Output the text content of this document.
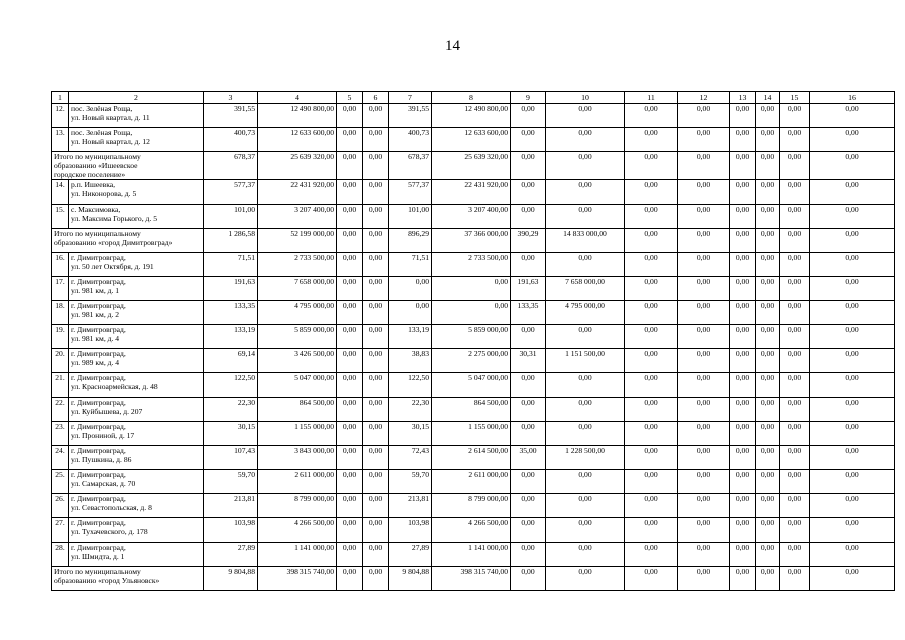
14
1	2	3	4	5	6	7	8	9	10	11	12	13	14	15	16
12.	пос. Зелёная Роща,
ул. Новый квартал, д. 11	391,55	12 490 800,00	0,00	0,00	391,55	12 490 800,00	0,00	0,00	0,00	0,00	0,00	0,00	0,00	0,00
13.	пос. Зелёная Роща,
ул. Новый квартал, д. 12	400,73	12 633 600,00	0,00	0,00	400,73	12 633 600,00	0,00	0,00	0,00	0,00	0,00	0,00	0,00	0,00

Итого по муниципальному
образованию «Ишеевское
городское поселение»		678,37	25 639 320,00	0,00	0,00	678,37	25 639 320,00	0,00	0,00	0,00	0,00	0,00	0,00	0,00	0,00
14.	р.п. Ишеевка,
ул. Никонорова, д. 5	577,37	22 431 920,00	0,00	0,00	577,37	22 431 920,00	0,00	0,00	0,00	0,00	0,00	0,00	0,00	0,00
15.	с. Максимовка,
ул. Максима Горького, д. 5	101,00	3 207 400,00	0,00	0,00	101,00	3 207 400,00	0,00	0,00	0,00	0,00	0,00	0,00	0,00	0,00

Итого по муниципальному
образованию «город Димитровград»		1 286,58	52 199 000,00	0,00	0,00	896,29	37 366 000,00	390,29	14 833 000,00	0,00	0,00	0,00	0,00	0,00	0,00
16.	г. Димитровград,
ул. 50 лет Октября, д. 191	71,51	2 733 500,00	0,00	0,00	71,51	2 733 500,00	0,00	0,00	0,00	0,00	0,00	0,00	0,00	0,00
17.	г. Димитровград,
ул. 981 км, д. 1	191,63	7 658 000,00	0,00	0,00	0,00	0,00	191,63	7 658 000,00	0,00	0,00	0,00	0,00	0,00	0,00
18.	г. Димитровград,
ул. 981 км, д. 2	133,35	4 795 000,00	0,00	0,00	0,00	0,00	133,35	4 795 000,00	0,00	0,00	0,00	0,00	0,00	0,00
19.	г. Димитровград,
ул. 981 км, д. 4	133,19	5 859 000,00	0,00	0,00	133,19	5 859 000,00	0,00	0,00	0,00	0,00	0,00	0,00	0,00	0,00
20.	г. Димитровград,
ул. 989 км, д. 4	69,14	3 426 500,00	0,00	0,00	38,83	2 275 000,00	30,31	1 151 500,00	0,00	0,00	0,00	0,00	0,00	0,00
21.	г. Димитровград,
ул. Красноармейская, д. 48	122,50	5 047 000,00	0,00	0,00	122,50	5 047 000,00	0,00	0,00	0,00	0,00	0,00	0,00	0,00	0,00
22.	г. Димитровград,
ул. Куйбышева, д. 207	22,30	864 500,00	0,00	0,00	22,30	864 500,00	0,00	0,00	0,00	0,00	0,00	0,00	0,00	0,00
23.	г. Димитровград,
ул. Прониной, д. 17	30,15	1 155 000,00	0,00	0,00	30,15	1 155 000,00	0,00	0,00	0,00	0,00	0,00	0,00	0,00	0,00
24.	г. Димитровград,
ул. Пушкина, д. 86	107,43	3 843 000,00	0,00	0,00	72,43	2 614 500,00	35,00	1 228 500,00	0,00	0,00	0,00	0,00	0,00	0,00
25.	г. Димитровград,
ул. Самарская, д. 70	59,70	2 611 000,00	0,00	0,00	59,70	2 611 000,00	0,00	0,00	0,00	0,00	0,00	0,00	0,00	0,00
26.	г. Димитровград,
ул. Севастопольская, д. 8	213,81	8 799 000,00	0,00	0,00	213,81	8 799 000,00	0,00	0,00	0,00	0,00	0,00	0,00	0,00	0,00
27.	г. Димитровград,
ул. Тухачевского, д. 178	103,98	4 266 500,00	0,00	0,00	103,98	4 266 500,00	0,00	0,00	0,00	0,00	0,00	0,00	0,00	0,00
28.	г. Димитровград,
ул. Шмидта, д. 1	27,89	1 141 000,00	0,00	0,00	27,89	1 141 000,00	0,00	0,00	0,00	0,00	0,00	0,00	0,00	0,00

Итого по муниципальному
образованию «город Ульяновск»		9 804,88	398 315 740,00	0,00	0,00	9 804,88	398 315 740,00	0,00	0,00	0,00	0,00	0,00	0,00	0,00	0,00
